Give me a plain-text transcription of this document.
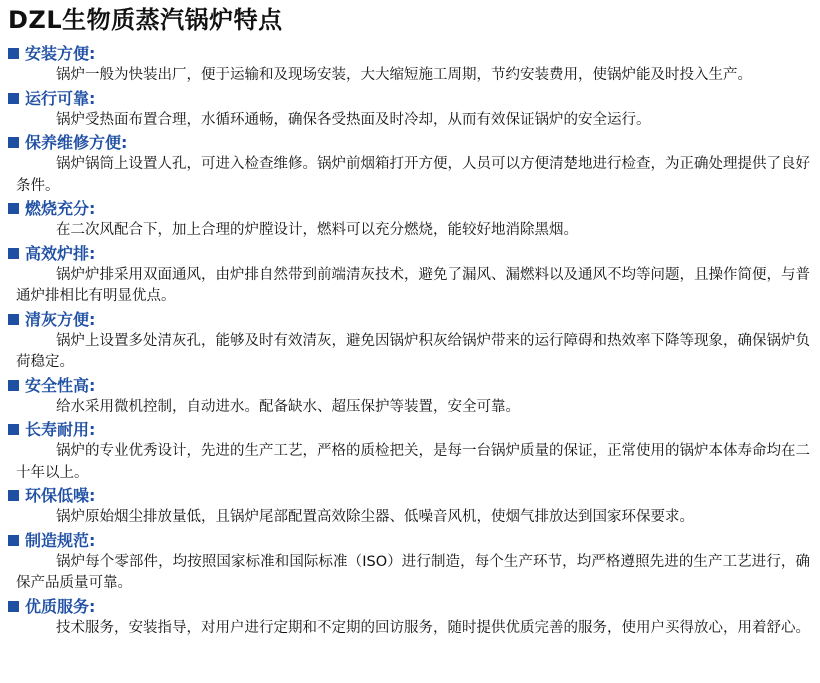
DZL生物质蒸汽锅炉特点
安装方便:

锅炉一般为快装出厂，便于运输和及现场安装，大大缩短施工周期，节约安装费用，使锅炉能及时投入生产。

运行可靠:

锅炉受热面布置合理，水循环通畅，确保各受热面及时冷却，从而有效保证锅炉的安全运行。

保养维修方便:

锅炉锅筒上设置人孔，可进入检查维修。锅炉前烟箱打开方便，人员可以方便清楚地进行检查，为正确处理提供了良好条件。

燃烧充分:

在二次风配合下，加上合理的炉膛设计，燃料可以充分燃烧，能较好地消除黑烟。

高效炉排:

锅炉炉排采用双面通风，由炉排自然带到前端清灰技术，避免了漏风、漏燃料以及通风不均等问题，且操作简便，与普通炉排相比有明显优点。

清灰方便:

锅炉上设置多处清灰孔，能够及时有效清灰，避免因锅炉积灰给锅炉带来的运行障碍和热效率下降等现象，确保锅炉负荷稳定。

安全性高:

给水采用微机控制，自动进水。配备缺水、超压保护等装置，安全可靠。

长寿耐用:

锅炉的专业优秀设计，先进的生产工艺，严格的质检把关，是每一台锅炉质量的保证，正常使用的锅炉本体寿命均在二十年以上。

环保低噪:

锅炉原始烟尘排放量低，且锅炉尾部配置高效除尘器、低噪音风机，使烟气排放达到国家环保要求。

制造规范:

锅炉每个零部件，均按照国家标准和国际标准（ISO）进行制造，每个生产环节，均严格遵照先进的生产工艺进行，确保产品质量可靠。

优质服务:

技术服务，安装指导，对用户进行定期和不定期的回访服务，随时提供优质完善的服务，使用户买得放心，用着舒心。
